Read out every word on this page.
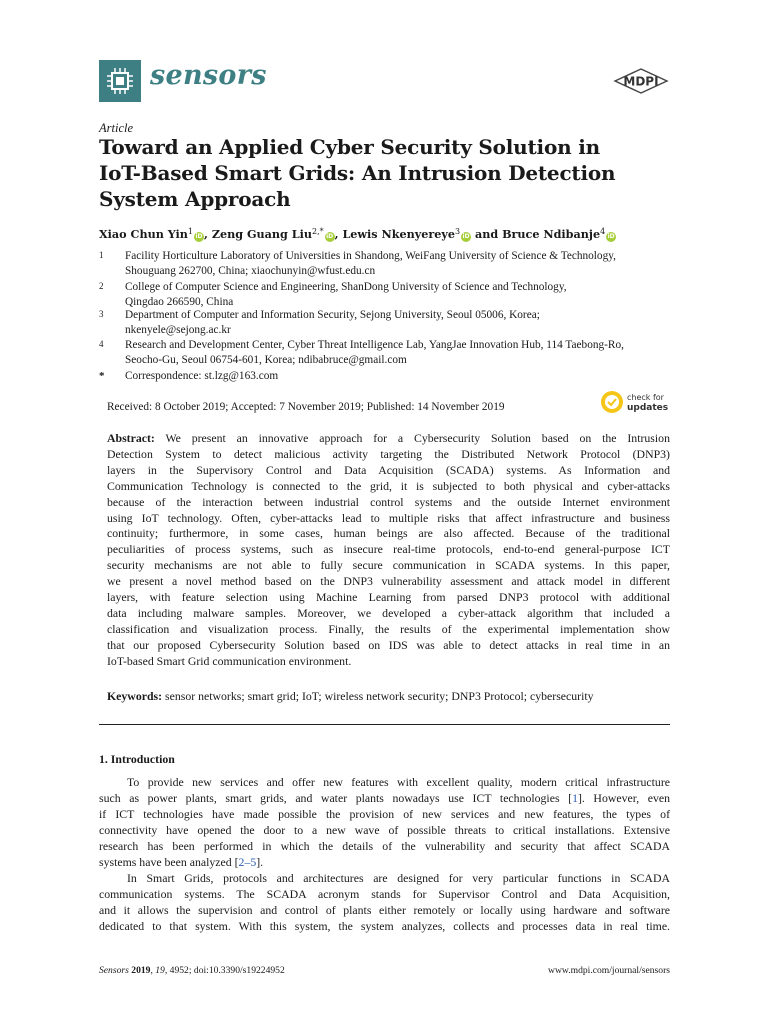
sensors	MDPI
Article
Toward an Applied Cyber Security Solution in
IoT-Based Smart Grids: An Intrusion Detection
System Approach
Xiao Chun Yin$^1$iD, Zeng Guang Liu$^{2,*}$iD, Lewis Nkenyereye$^3$iD and Bruce Ndibanje$^4$iD
1	Facility Horticulture Laboratory of Universities in Shandong, WeiFang University of Science & Technology,
Shouguang 262700, China; xiaochunyin@wfust.edu.cn
2	College of Computer Science and Engineering, ShanDong University of Science and Technology,
Qingdao 266590, China
3	Department of Computer and Information Security, Sejong University, Seoul 05006, Korea;
nkenyele@sejong.ac.kr
4	Research and Development Center, Cyber Threat Intelligence Lab, YangJae Innovation Hub, 114 Taebong-Ro,
Seocho-Gu, Seoul 06754-601, Korea; ndibabruce@gmail.com
*	Correspondence: st.lzg@163.com
Received: 8 October 2019; Accepted: 7 November 2019; Published: 14 November 2019
check for
updates
Abstract: We present an innovative approach for a Cybersecurity Solution based on the Intrusion
Detection System to detect malicious activity targeting the Distributed Network Protocol (DNP3)
layers in the Supervisory Control and Data Acquisition (SCADA) systems. As Information and
Communication Technology is connected to the grid, it is subjected to both physical and cyber-attacks
because of the interaction between industrial control systems and the outside Internet environment
using IoT technology. Often, cyber-attacks lead to multiple risks that affect infrastructure and business
continuity; furthermore, in some cases, human beings are also affected. Because of the traditional
peculiarities of process systems, such as insecure real-time protocols, end-to-end general-purpose ICT
security mechanisms are not able to fully secure communication in SCADA systems. In this paper,
we present a novel method based on the DNP3 vulnerability assessment and attack model in different
layers, with feature selection using Machine Learning from parsed DNP3 protocol with additional
data including malware samples. Moreover, we developed a cyber-attack algorithm that included a
classification and visualization process. Finally, the results of the experimental implementation show
that our proposed Cybersecurity Solution based on IDS was able to detect attacks in real time in an
IoT-based Smart Grid communication environment.
Keywords: sensor networks; smart grid; IoT; wireless network security; DNP3 Protocol; cybersecurity
1. Introduction
To provide new services and offer new features with excellent quality, modern critical infrastructure
such as power plants, smart grids, and water plants nowadays use ICT technologies [1]. However, even
if ICT technologies have made possible the provision of new services and new features, the types of
connectivity have opened the door to a new wave of possible threats to critical installations. Extensive
research has been performed in which the details of the vulnerability and security that affect SCADA
systems have been analyzed [2–5].
In Smart Grids, protocols and architectures are designed for very particular functions in SCADA
communication systems. The SCADA acronym stands for Supervisor Control and Data Acquisition,
and it allows the supervision and control of plants either remotely or locally using hardware and software
dedicated to that system. With this system, the system analyzes, collects and processes data in real time.
Sensors 2019, 19, 4952; doi:10.3390/s19224952	www.mdpi.com/journal/sensors
